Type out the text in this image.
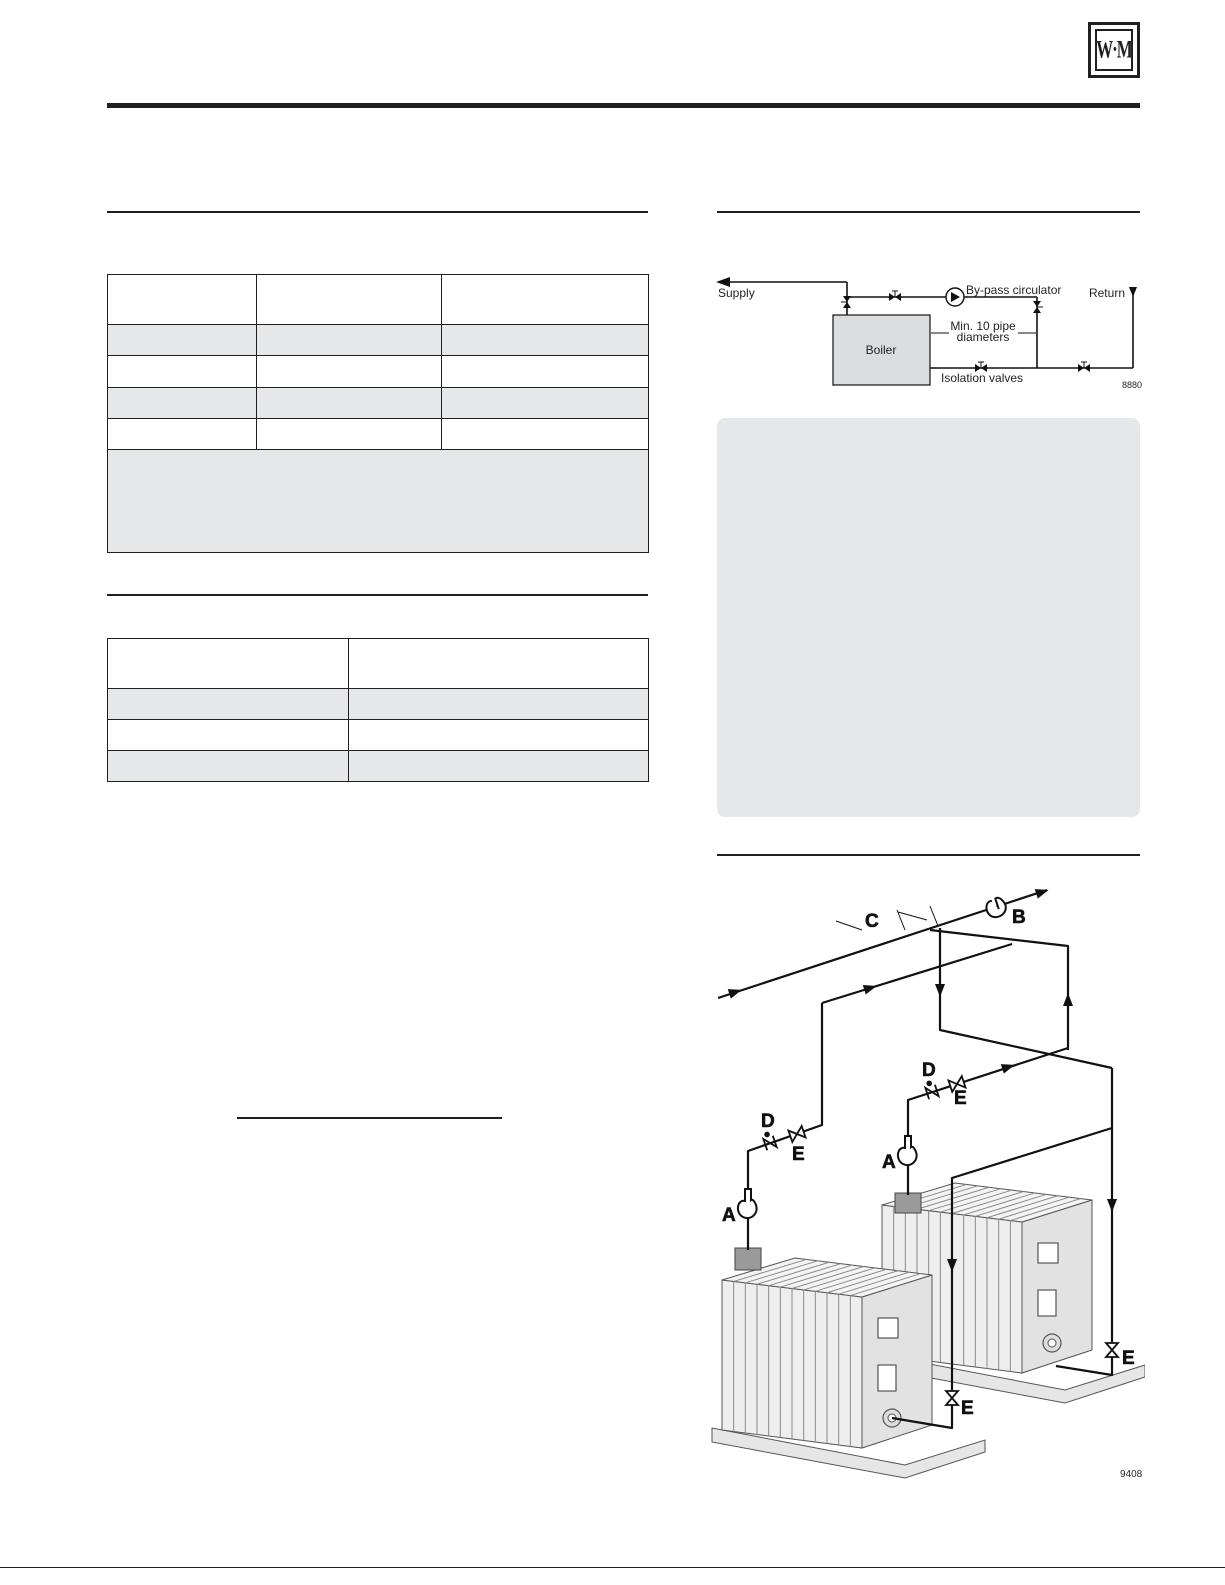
W·M

Supply	By-pass circulator
Boiler
Min. 10 pipe
diameters
Return
Isolation valves	8880
C	B
D
E
A
D
E
A
E
E
9408
